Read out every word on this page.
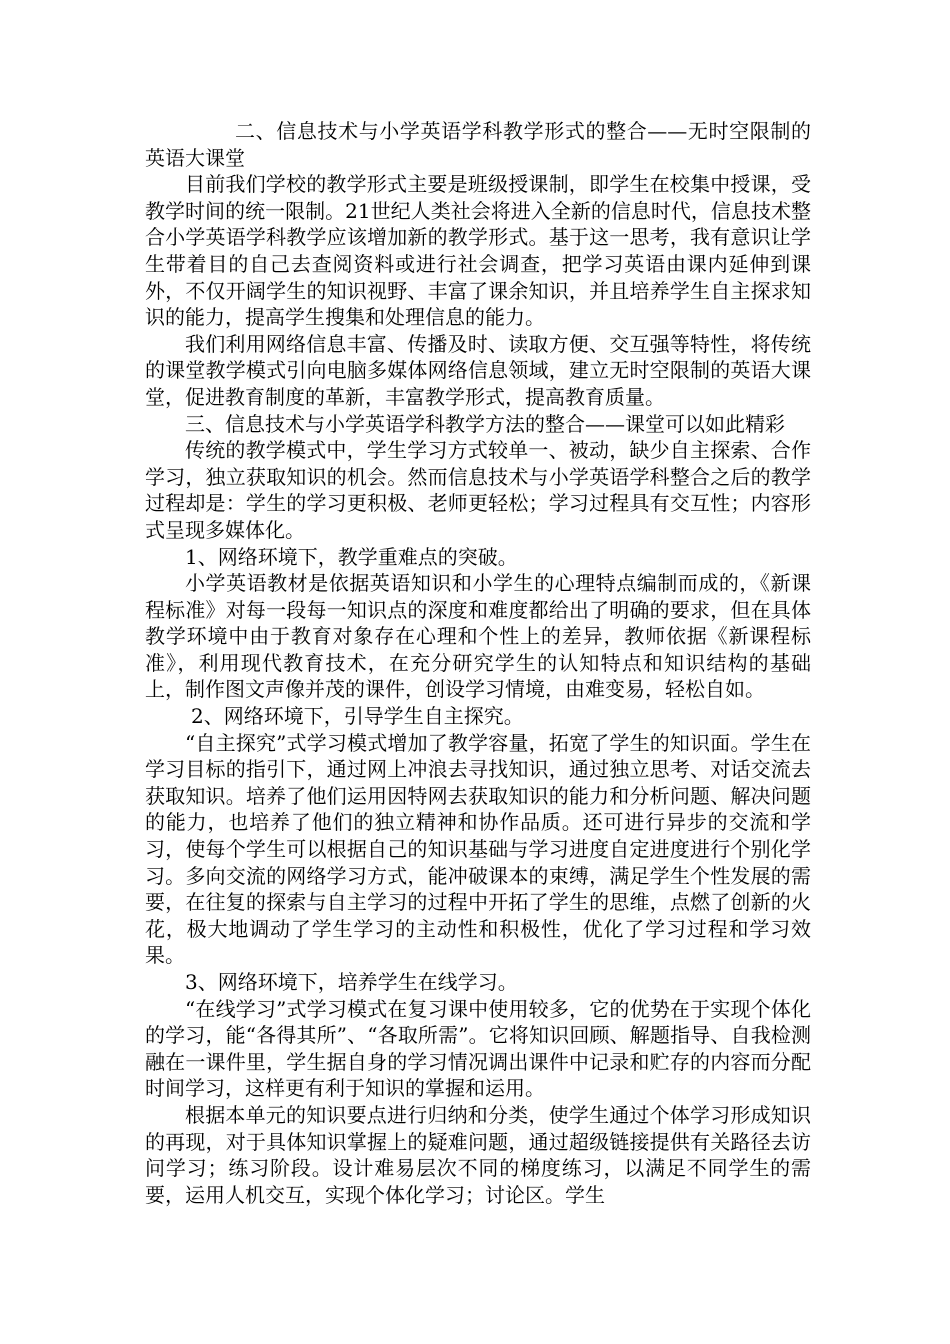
二、信息技术与小学英语学科教学形式的整合——无时空限制的英语大课堂

目前我们学校的教学形式主要是班级授课制，即学生在校集中授课，受教学时间的统一限制。21世纪人类社会将进入全新的信息时代，信息技术整合小学英语学科教学应该增加新的教学形式。基于这一思考，我有意识让学生带着目的自己去查阅资料或进行社会调查，把学习英语由课内延伸到课外，不仅开阔学生的知识视野、丰富了课余知识，并且培养学生自主探求知识的能力，提高学生搜集和处理信息的能力。

我们利用网络信息丰富、传播及时、读取方便、交互强等特性，将传统的课堂教学模式引向电脑多媒体网络信息领域，建立无时空限制的英语大课堂，促进教育制度的革新，丰富教学形式，提高教育质量。

三、信息技术与小学英语学科教学方法的整合——课堂可以如此精彩

传统的教学模式中，学生学习方式较单一、被动，缺少自主探索、合作学习，独立获取知识的机会。然而信息技术与小学英语学科整合之后的教学过程却是：学生的学习更积极、老师更轻松；学习过程具有交互性；内容形式呈现多媒体化。

1、网络环境下，教学重难点的突破。

小学英语教材是依据英语知识和小学生的心理特点编制而成的，《新课程标准》对每一段每一知识点的深度和难度都给出了明确的要求，但在具体教学环境中由于教育对象存在心理和个性上的差异，教师依据《新课程标准》，利用现代教育技术，在充分研究学生的认知特点和知识结构的基础上，制作图文声像并茂的课件，创设学习情境，由难变易，轻松自如。

2、网络环境下，引导学生自主探究。

“自主探究”式学习模式增加了教学容量，拓宽了学生的知识面。学生在学习目标的指引下，通过网上冲浪去寻找知识，通过独立思考、对话交流去获取知识。培养了他们运用因特网去获取知识的能力和分析问题、解决问题的能力，也培养了他们的独立精神和协作品质。还可进行异步的交流和学习，使每个学生可以根据自己的知识基础与学习进度自定进度进行个别化学习。多向交流的网络学习方式，能冲破课本的束缚，满足学生个性发展的需要，在往复的探索与自主学习的过程中开拓了学生的思维，点燃了创新的火花，极大地调动了学生学习的主动性和积极性，优化了学习过程和学习效果。

3、网络环境下，培养学生在线学习。

“在线学习”式学习模式在复习课中使用较多，它的优势在于实现个体化的学习，能“各得其所”、“各取所需”。它将知识回顾、解题指导、自我检测融在一课件里，学生据自身的学习情况调出课件中记录和贮存的内容而分配时间学习，这样更有利于知识的掌握和运用。

根据本单元的知识要点进行归纳和分类，使学生通过个体学习形成知识的再现，对于具体知识掌握上的疑难问题，通过超级链接提供有关路径去访问学习；练习阶段。设计难易层次不同的梯度练习，以满足不同学生的需要，运用人机交互，实现个体化学习；讨论区。学生
